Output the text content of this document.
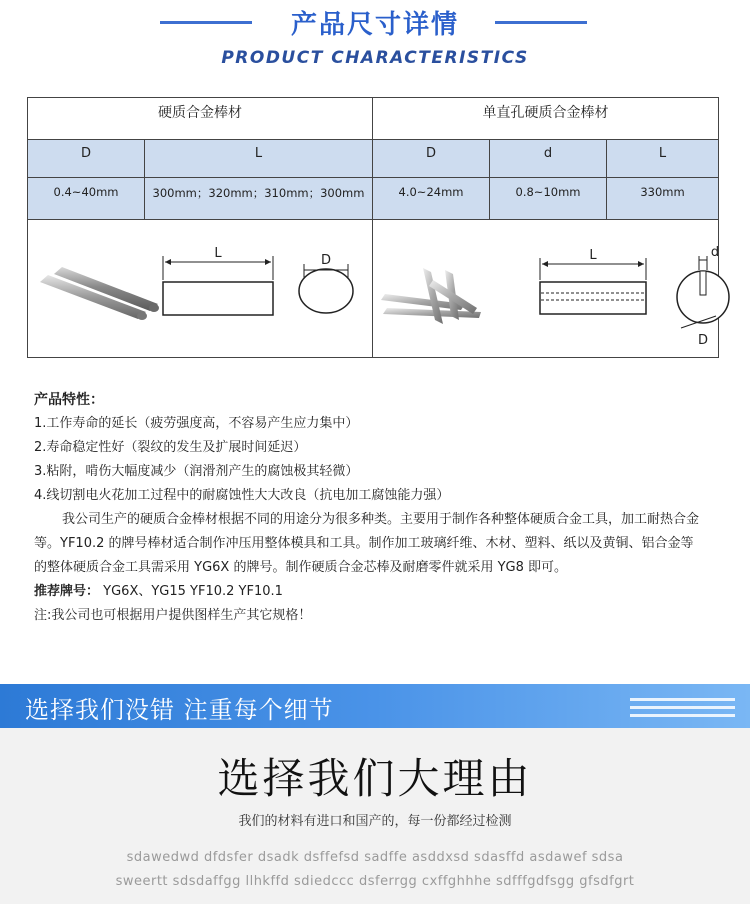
产品尺寸详情
PRODUCT CHARACTERISTICS
硬质合金棒材	单直孔硬质合金棒材
D	L	D	d	L
0.4~40mm	300mm；320mm；310mm；300mm	4.0~24mm	0.8~10mm	330mm
L	D	L	d
D
产品特性：
1.工作寿命的延长（疲劳强度高，不容易产生应力集中）
2.寿命稳定性好（裂纹的发生及扩展时间延迟）
3.粘附，啃伤大幅度减少（润滑剂产生的腐蚀极其轻微）
4.线切割电火花加工过程中的耐腐蚀性大大改良（抗电加工腐蚀能力强）
我公司生产的硬质合金棒材根据不同的用途分为很多种类。主要用于制作各种整体硬质合金工具，加工耐热合金等。YF10.2 的牌号棒材适合制作冲压用整体模具和工具。制作加工玻璃纤维、木材、塑料、纸以及黄铜、铝合金等的整体硬质合金工具需采用 YG6X 的牌号。制作硬质合金芯棒及耐磨零件就采用 YG8 即可。
推荐牌号： YG6X、YG15 YF10.2 YF10.1
注:我公司也可根据用户提供图样生产其它规格！
选择我们没错 注重每个细节
选择我们大理由
我们的材料有进口和国产的，每一份都经过检测
sdawedwd dfdsfer dsadk dsffefsd sadffe asddxsd sdasffd asdawef sdsa
sweertt sdsdaffgg llhkffd sdiedccc dsferrgg cxffghhhe sdfffgdfsgg gfsdfgrt
